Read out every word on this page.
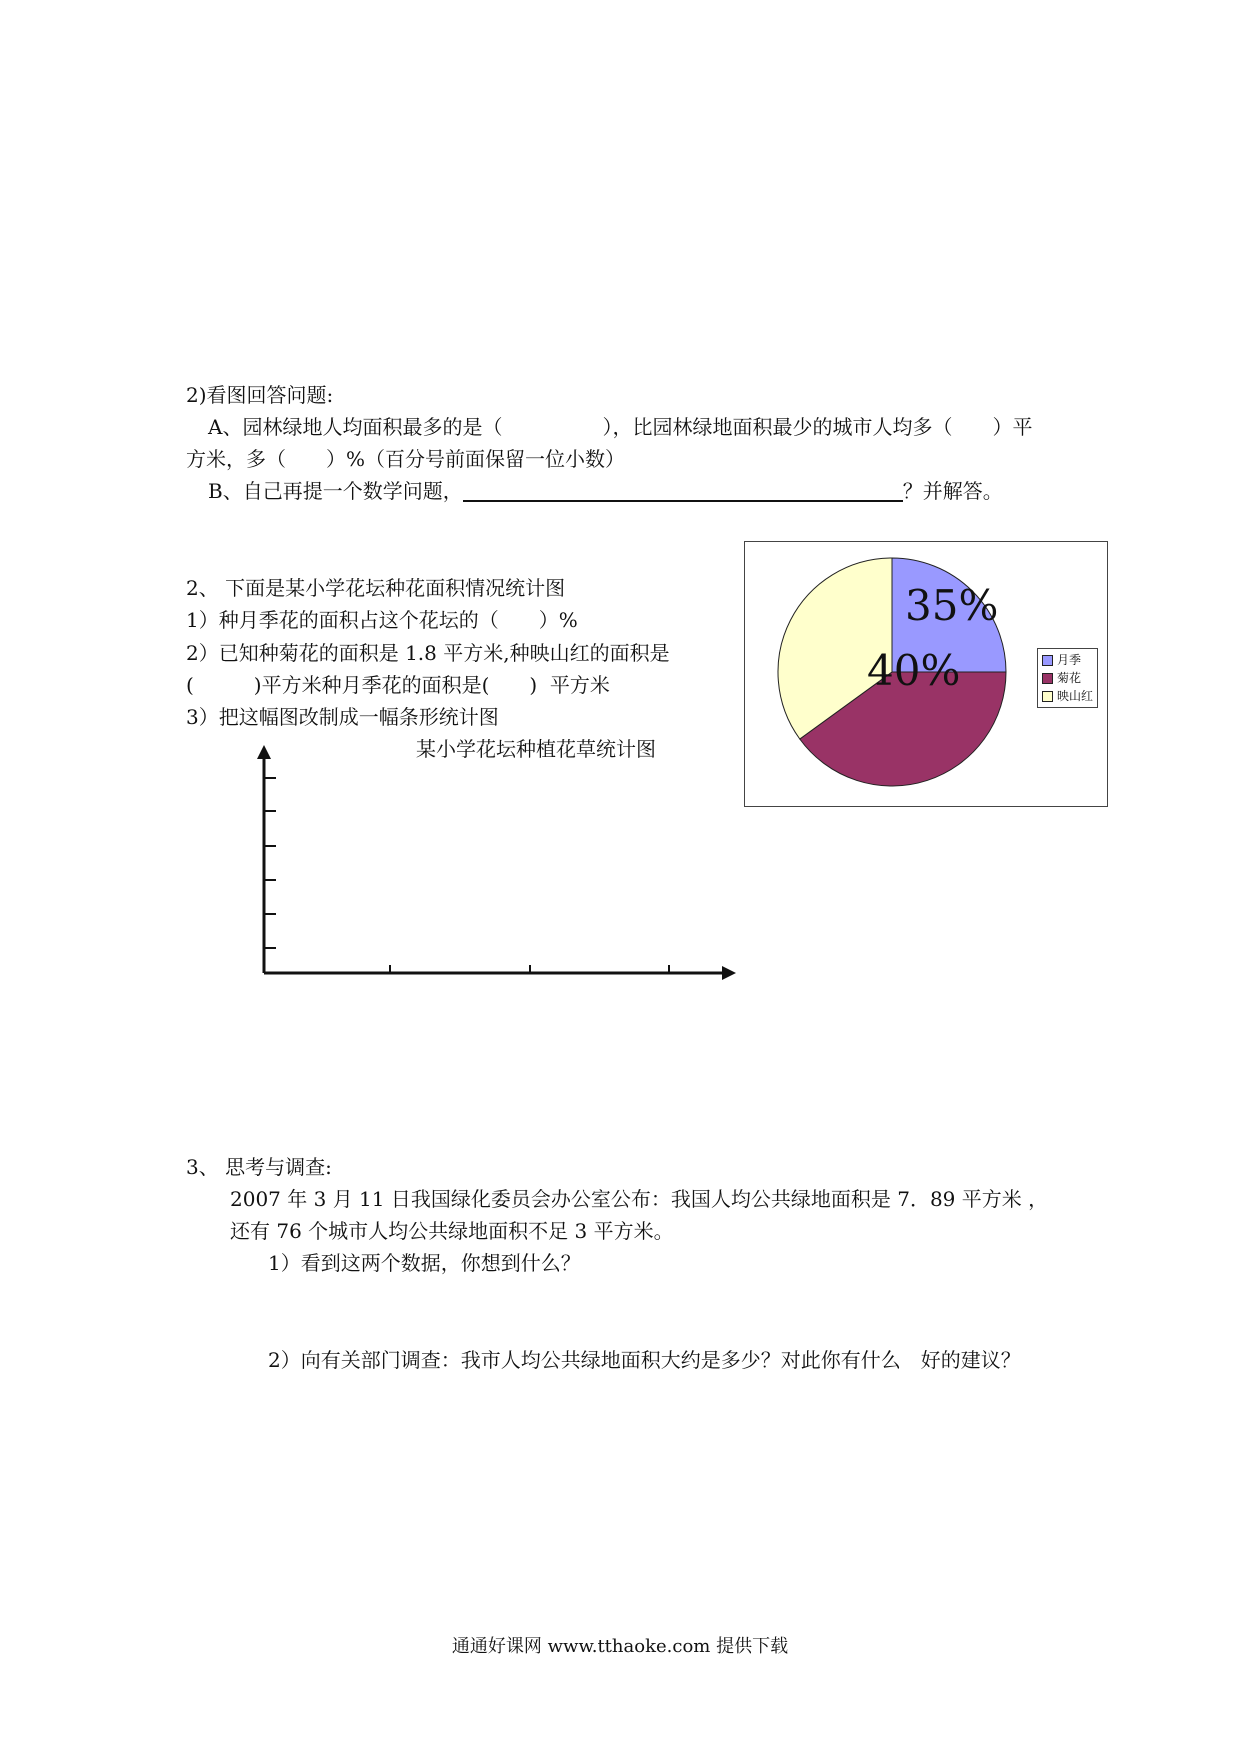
2)看图回答问题:
A、园林绿地人均面积最多的是（　　　　　），比园林绿地面积最少的城市人均多（　　）平
方米，多（　　）%（百分号前面保留一位小数）
B、自己再提一个数学问题，	？并解答。
2、 下面是某小学花坛种花面积情况统计图
1）种月季花的面积占这个花坛的（　　）%
2）已知种菊花的面积是 1.8 平方米,种映山红的面积是
(　　　)平方米种月季花的面积是(　　)  平方米
3）把这幅图改制成一幅条形统计图
某小学花坛种植花草统计图
35%
40%	月季
菊花
映山红
3、 思考与调查:
2007 年 3 月 11 日我国绿化委员会办公室公布：我国人均公共绿地面积是 7．89 平方米 ，
还有 76 个城市人均公共绿地面积不足 3 平方米。
1）看到这两个数据，你想到什么？
2）向有关部门调查：我市人均公共绿地面积大约是多少？对此你有什么　好的建议？
通通好课网 www.tthaoke.com 提供下载
